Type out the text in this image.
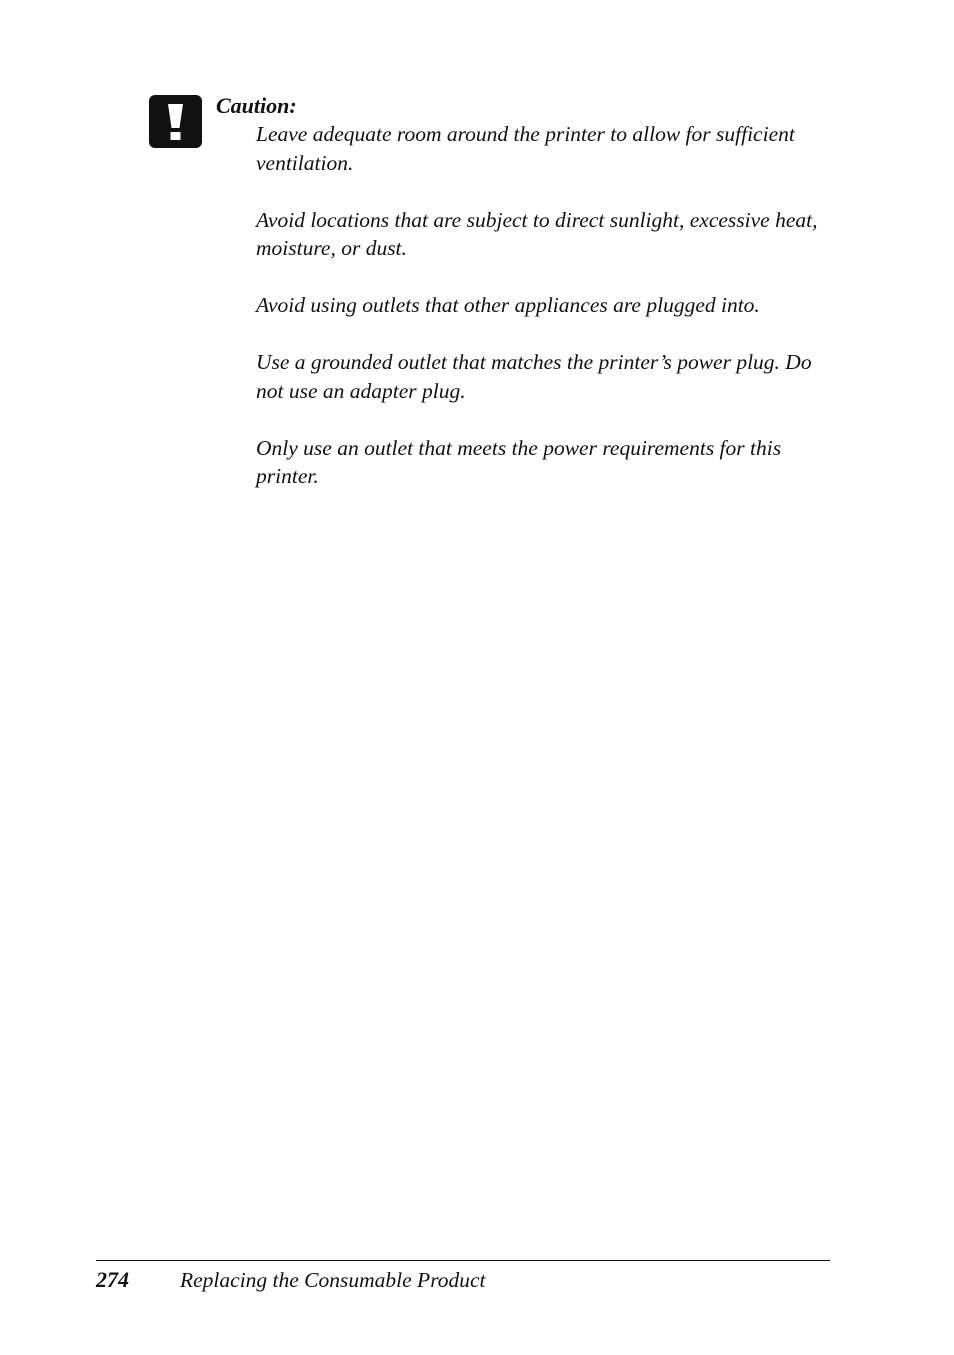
Caution:

Leave adequate room around the printer to allow for sufficient ventilation.

Avoid locations that are subject to direct sunlight, excessive heat, moisture, or dust.

Avoid using outlets that other appliances are plugged into.

Use a grounded outlet that matches the printer’s power plug. Do not use an adapter plug.

Only use an outlet that meets the power requirements for this printer.

274 Replacing the Consumable Product
